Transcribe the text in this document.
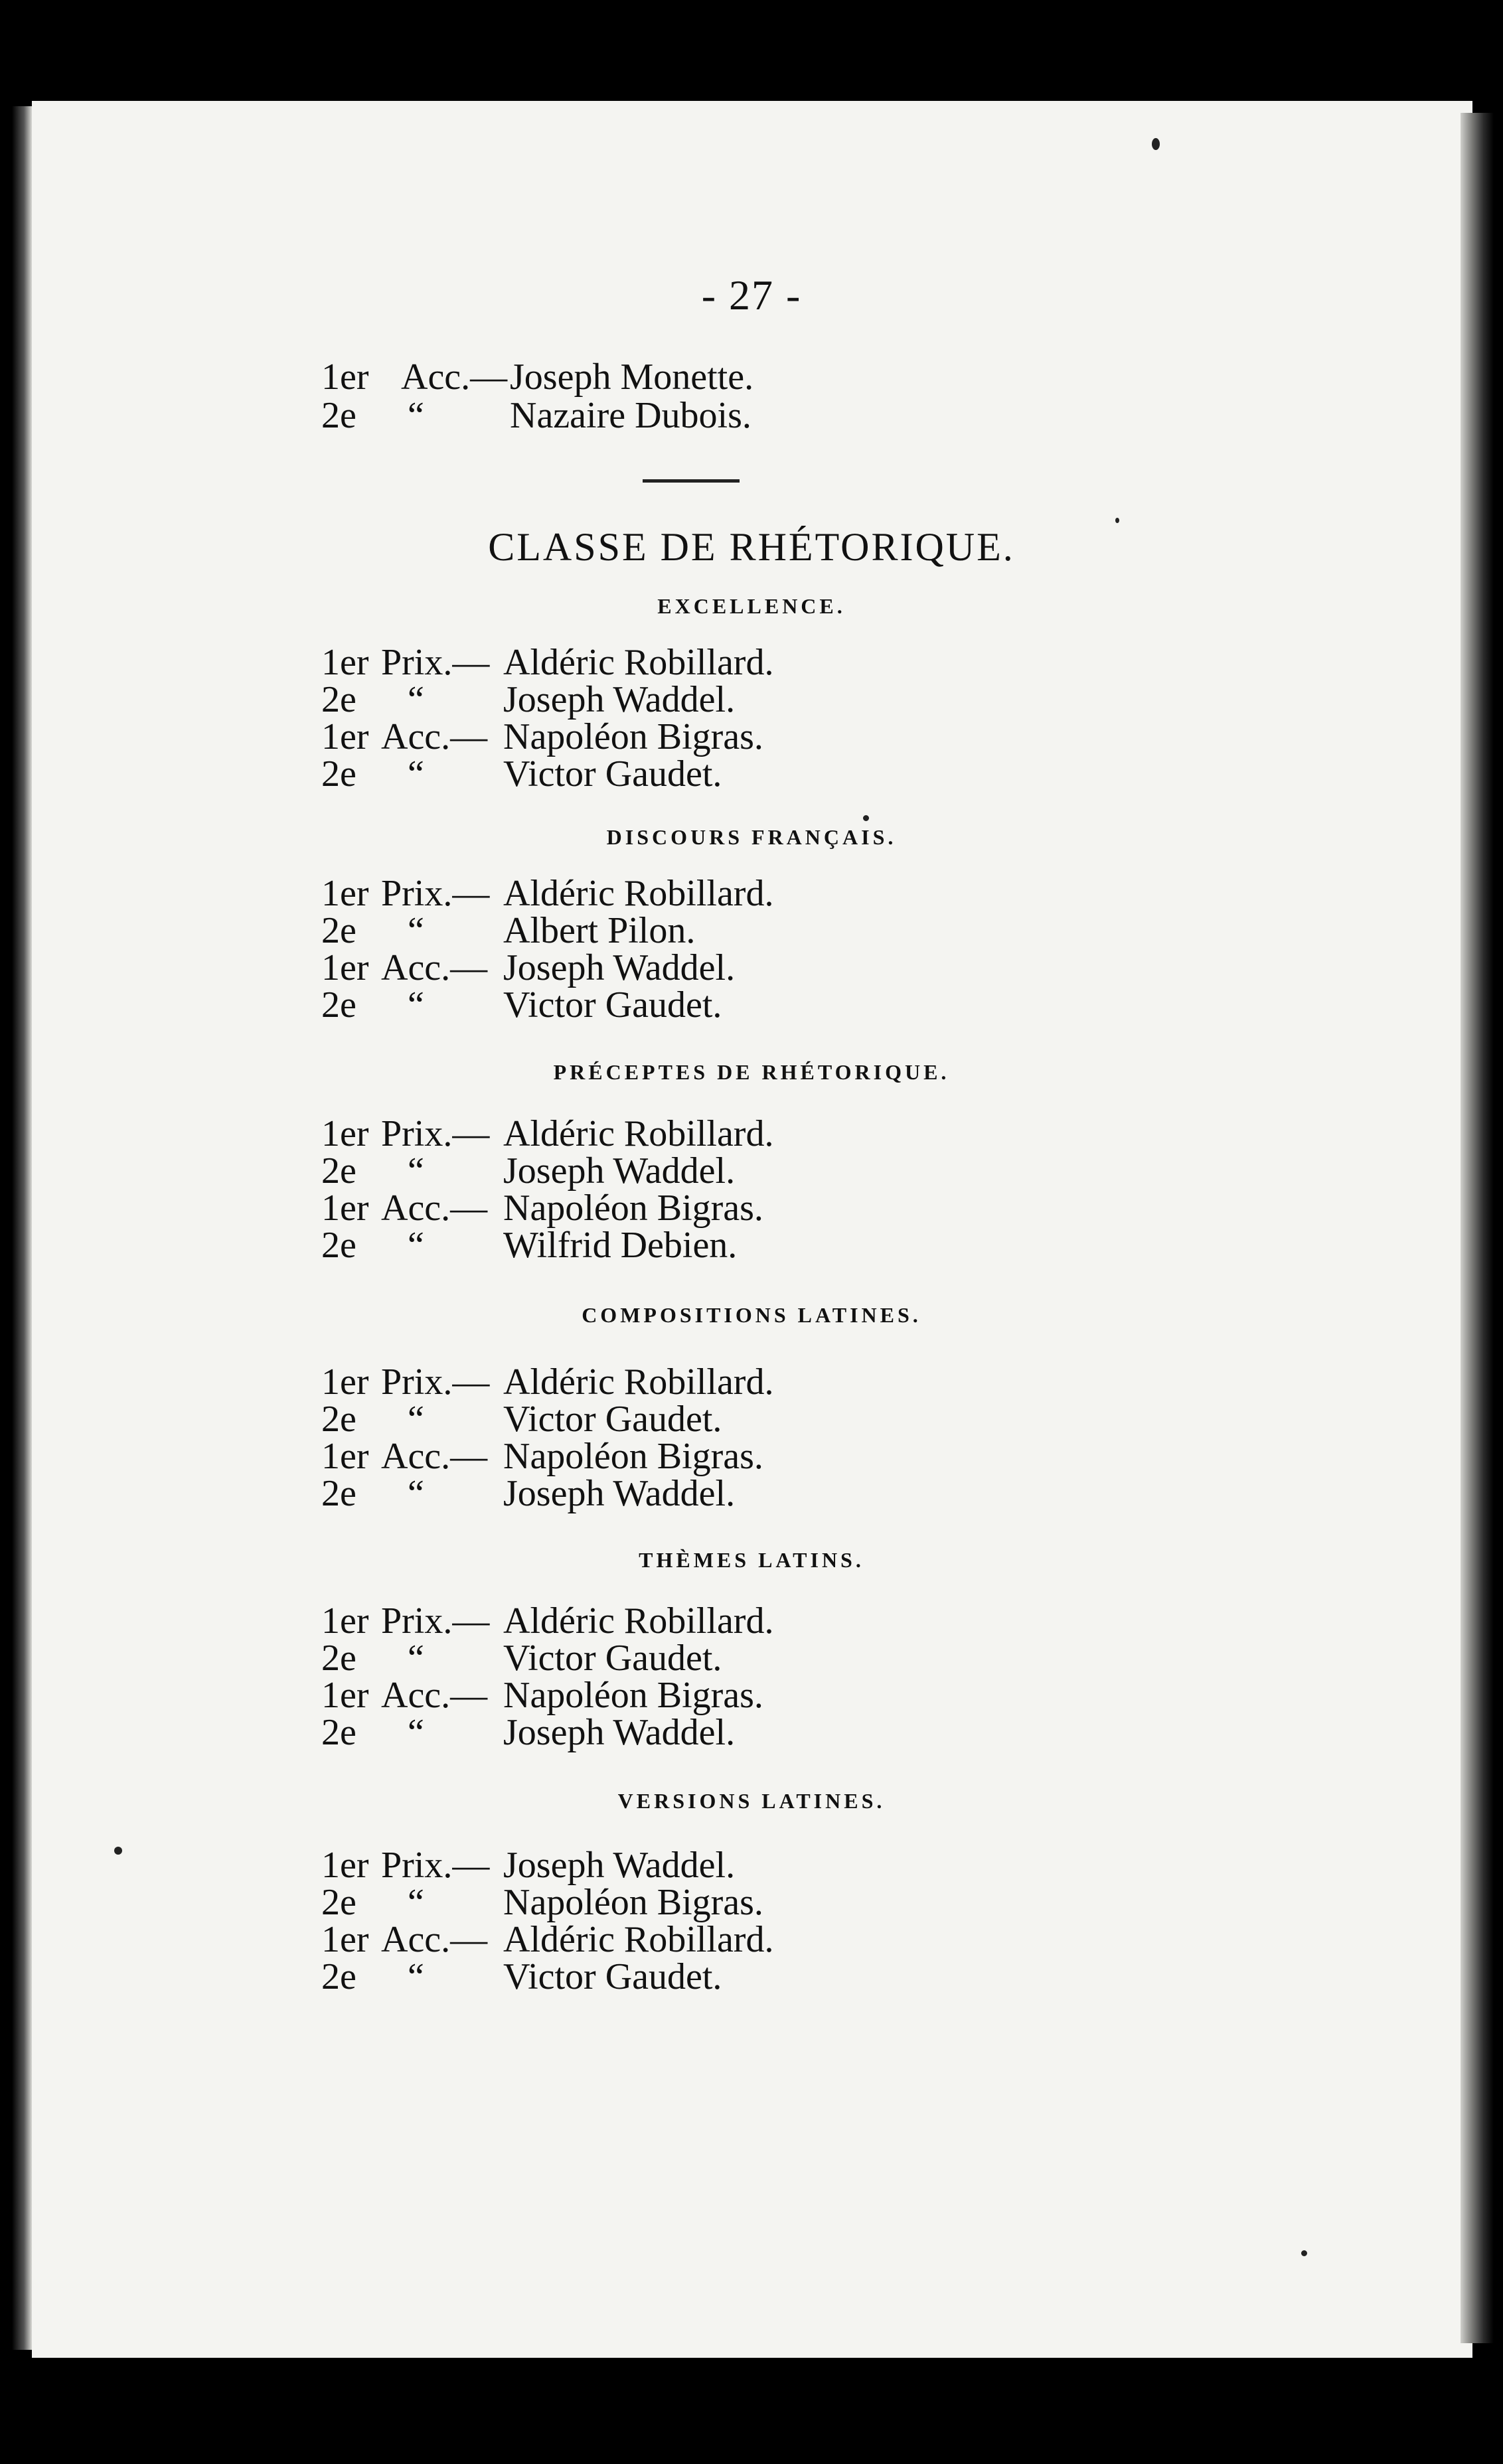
- 27 -
1er Acc.— Joseph Monette.
2e “ Nazaire Dubois.
CLASSE DE RHÉTORIQUE.
EXCELLENCE.
1er Prix.— Aldéric Robillard.
2e “ Joseph Waddel.
1er Acc.— Napoléon Bigras.
2e “ Victor Gaudet.
DISCOURS FRANÇAIS.
1er Prix.— Aldéric Robillard.
2e “ Albert Pilon.
1er Acc.— Joseph Waddel.
2e “ Victor Gaudet.
PRÉCEPTES DE RHÉTORIQUE.
1er Prix.— Aldéric Robillard.
2e “ Joseph Waddel.
1er Acc.— Napoléon Bigras.
2e “ Wilfrid Debien.
COMPOSITIONS LATINES.
1er Prix.— Aldéric Robillard.
2e “ Victor Gaudet.
1er Acc.— Napoléon Bigras.
2e “ Joseph Waddel.
THÈMES LATINS.
1er Prix.— Aldéric Robillard.
2e “ Victor Gaudet.
1er Acc.— Napoléon Bigras.
2e “ Joseph Waddel.
VERSIONS LATINES.
1er Prix.— Joseph Waddel.
2e “ Napoléon Bigras.
1er Acc.— Aldéric Robillard.
2e “ Victor Gaudet.
